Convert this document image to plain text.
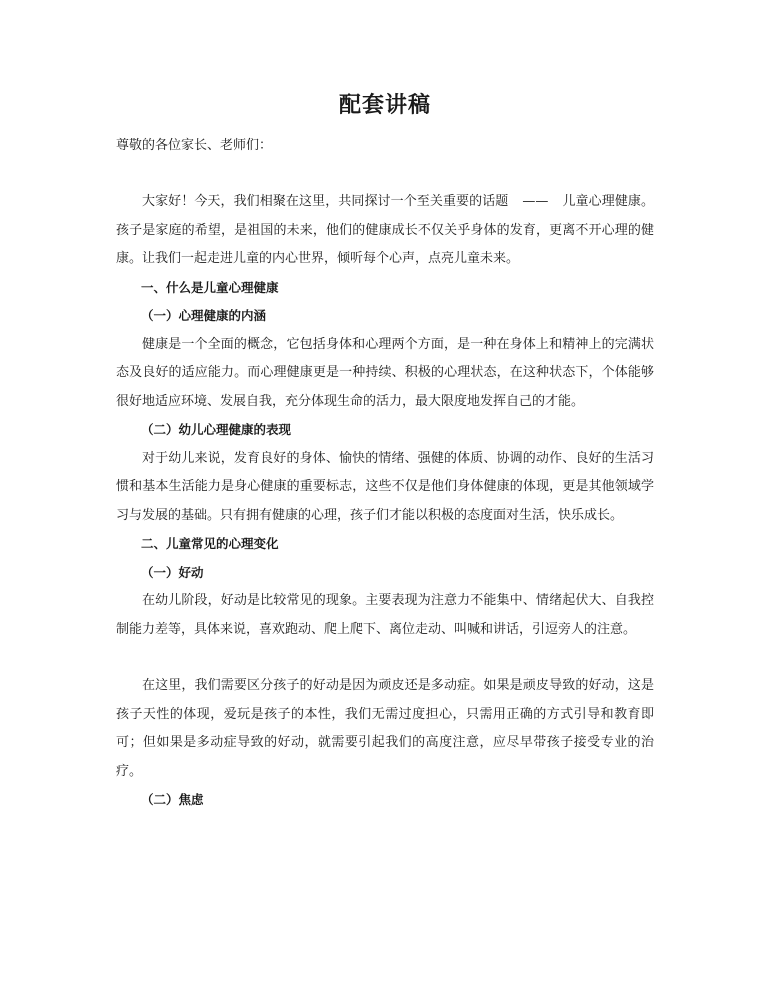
配套讲稿

尊敬的各位家长、老师们：

大家好！今天，我们相聚在这里，共同探讨一个至关重要的话题 —— 儿童心理健康。孩子是家庭的希望，是祖国的未来，他们的健康成长不仅关乎身体的发育，更离不开心理的健康。让我们一起走进儿童的内心世界，倾听每个心声，点亮儿童未来。

一、什么是儿童心理健康

（一）心理健康的内涵

健康是一个全面的概念，它包括身体和心理两个方面，是一种在身体上和精神上的完满状态及良好的适应能力。而心理健康更是一种持续、积极的心理状态，在这种状态下，个体能够很好地适应环境、发展自我，充分体现生命的活力，最大限度地发挥自己的才能。

（二）幼儿心理健康的表现

对于幼儿来说，发育良好的身体、愉快的情绪、强健的体质、协调的动作、良好的生活习惯和基本生活能力是身心健康的重要标志，这些不仅是他们身体健康的体现，更是其他领域学习与发展的基础。只有拥有健康的心理，孩子们才能以积极的态度面对生活，快乐成长。

二、儿童常见的心理变化

（一）好动

在幼儿阶段，好动是比较常见的现象。主要表现为注意力不能集中、情绪起伏大、自我控制能力差等，具体来说，喜欢跑动、爬上爬下、离位走动、叫喊和讲话，引逗旁人的注意。

在这里，我们需要区分孩子的好动是因为顽皮还是多动症。如果是顽皮导致的好动，这是孩子天性的体现，爱玩是孩子的本性，我们无需过度担心，只需用正确的方式引导和教育即可；但如果是多动症导致的好动，就需要引起我们的高度注意，应尽早带孩子接受专业的治疗。

（二）焦虑
